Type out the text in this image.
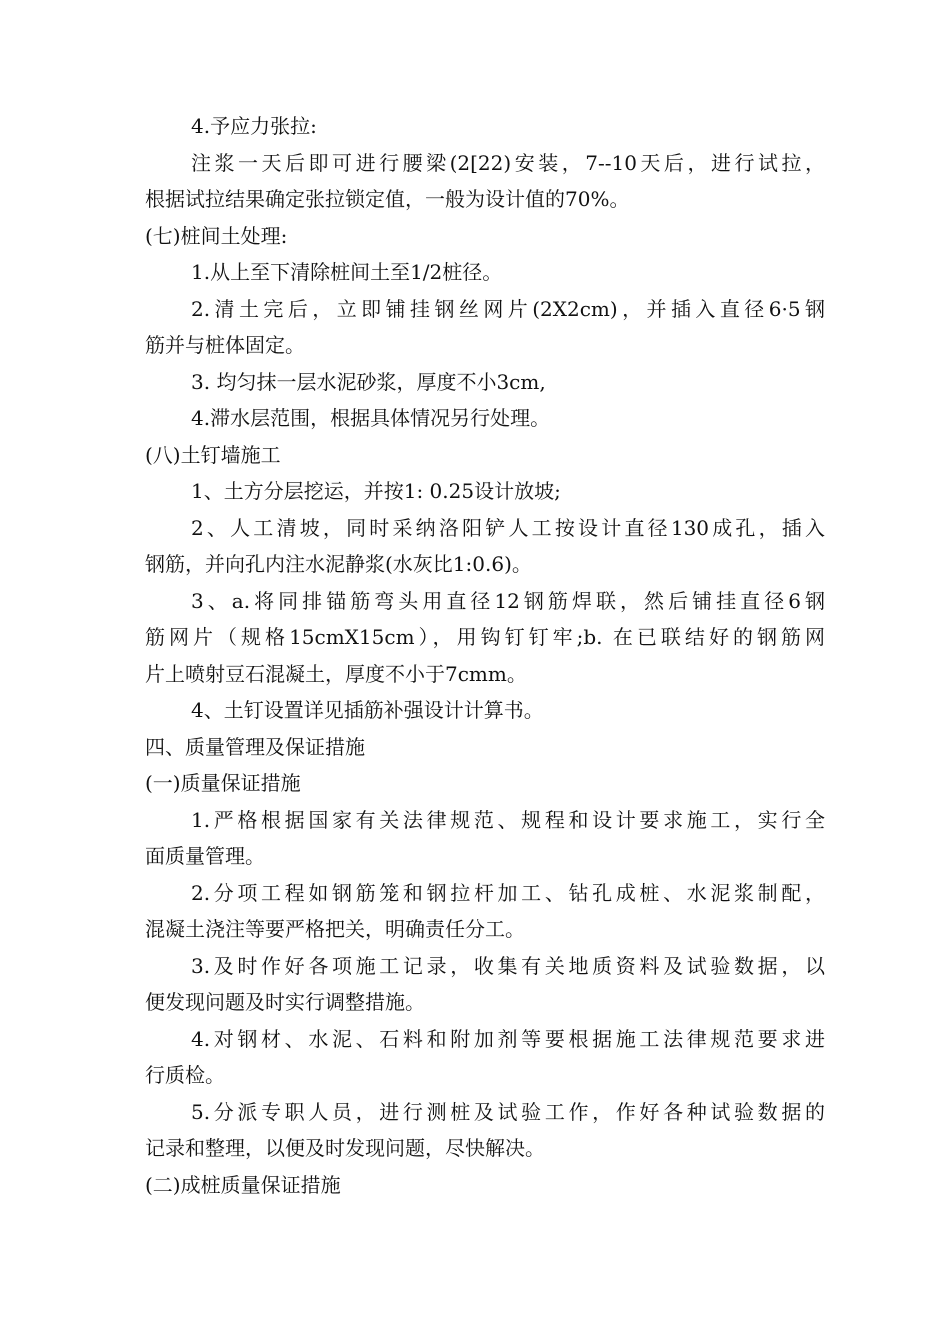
4.予应力张拉:
注浆一天后即可进行腰梁(2[22)安装，7--10天后，进行试拉，
根据试拉结果确定张拉锁定值，一般为设计值的70%。
(七)桩间土处理:
1.从上至下清除桩间土至1/2桩径。
2.清土完后，立即铺挂钢丝网片(2X2cm)，并插入直径6·5钢
筋并与桩体固定。
3. 均匀抹一层水泥砂浆，厚度不小3cm,
4.滞水层范围，根据具体情况另行处理。
(八)土钉墙施工
1、土方分层挖运，并按1: 0.25设计放坡;
2、人工清坡，同时采纳洛阳铲人工按设计直径130成孔，插入
钢筋，并向孔内注水泥静浆(水灰比1:0.6)。
3、a.将同排锚筋弯头用直径12钢筋焊联，然后铺挂直径6钢
筋网片（规格15cmX15cm），用钩钉钉牢;b. 在已联结好的钢筋网
片上喷射豆石混凝土，厚度不小于7cmm。
4、土钉设置详见插筋补强设计计算书。
四、质量管理及保证措施
(一)质量保证措施
1.严格根据国家有关法律规范、规程和设计要求施工，实行全
面质量管理。
2.分项工程如钢筋笼和钢拉杆加工、钻孔成桩、水泥浆制配，
混凝土浇注等要严格把关，明确责任分工。
3.及时作好各项施工记录，收集有关地质资料及试验数据，以
便发现问题及时实行调整措施。
4.对钢材、水泥、石料和附加剂等要根据施工法律规范要求进
行质检。
5.分派专职人员，进行测桩及试验工作，作好各种试验数据的
记录和整理，以便及时发现问题，尽快解决。
(二)成桩质量保证措施
